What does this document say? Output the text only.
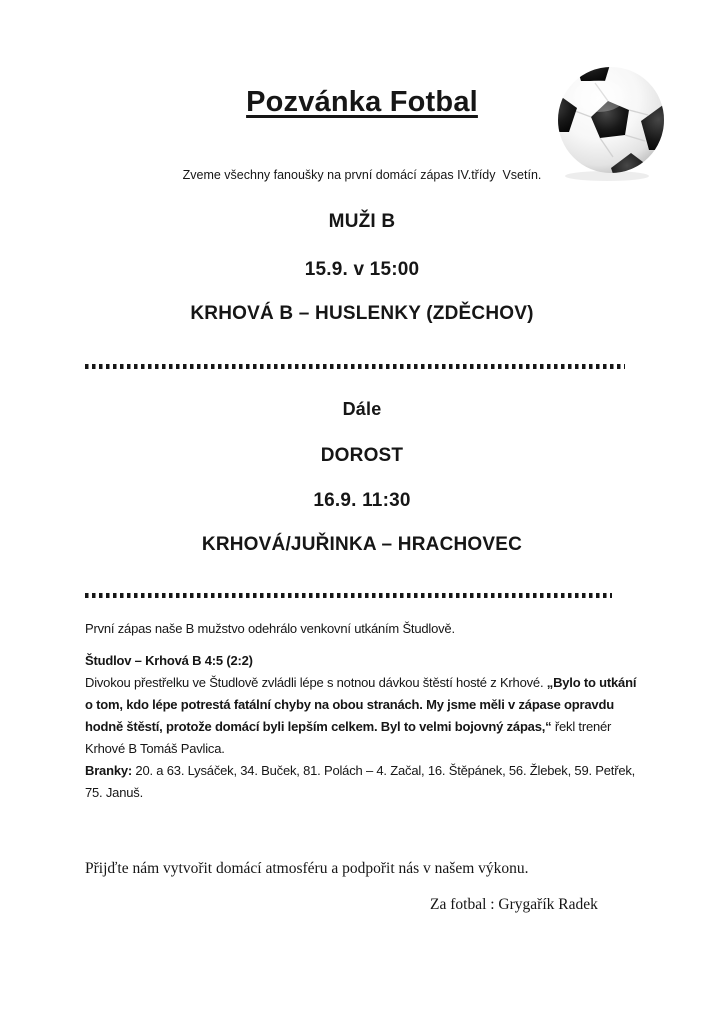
Pozvánka Fotbal
Zveme všechny fanoušky na první domácí zápas IV.třídy  Vsetín.
MUŽI B
15.9. v 15:00
KRHOVÁ B – HUSLENKY (ZDĚCHOV)
Dále
DOROST
16.9. 11:30
KRHOVÁ/JUŘINKA – HRACHOVEC

První zápas naše B mužstvo odehrálo venkovní utkáním Študlově.

Študlov – Krhová B 4:5 (2:2)

Divokou přestřelku ve Študlově zvládli lépe s notnou dávkou štěstí hosté z Krhové. „Bylo to utkání o tom, kdo lépe potrestá fatální chyby na obou stranách. My jsme měli v zápase opravdu hodně štěstí, protože domácí byli lepším celkem. Byl to velmi bojovný zápas,“ řekl trenér Krhové B Tomáš Pavlica.

Branky: 20. a 63. Lysáček, 34. Buček, 81. Polách – 4. Začal, 16. Štěpánek, 56. Žlebek, 59. Petřek, 75. Januš.

Přijďte nám vytvořit domácí atmosféru a podpořit nás v našem výkonu.
Za fotbal : Grygařík Radek
